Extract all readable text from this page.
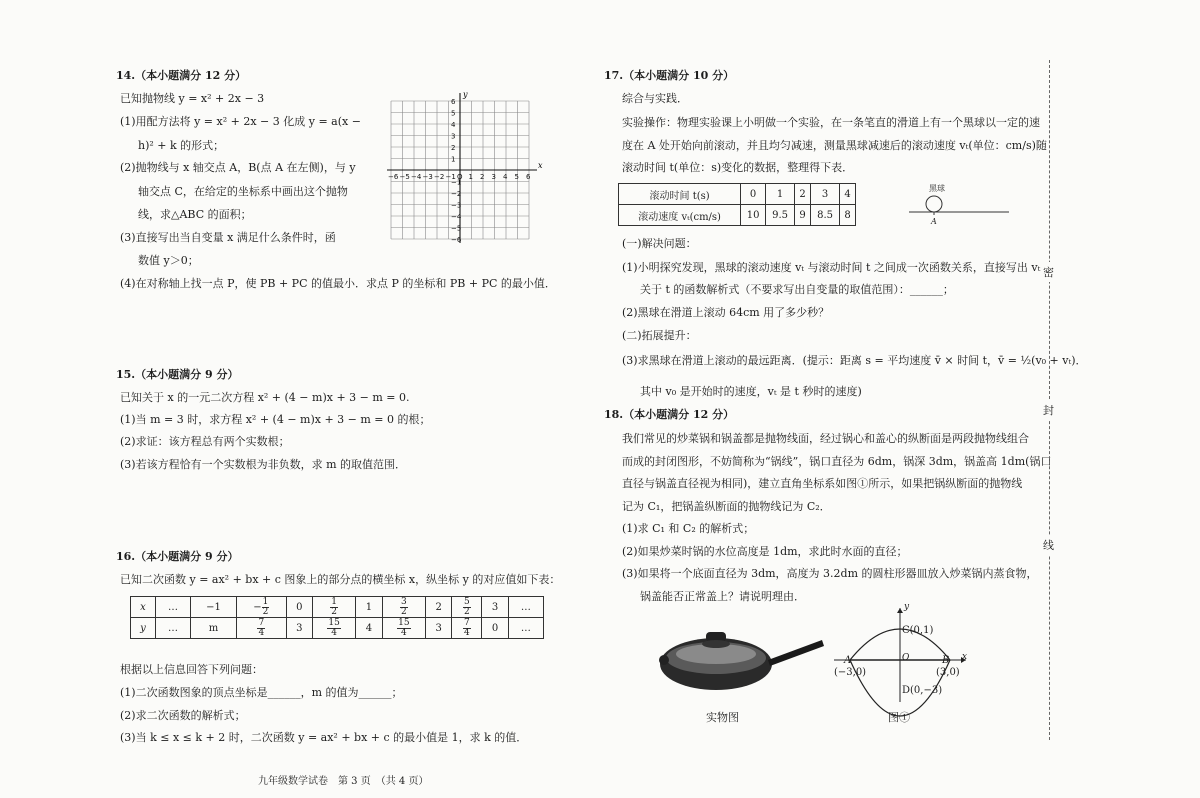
14.（本小题满分 12 分）
已知抛物线 y = x² + 2x − 3
(1)用配方法将 y = x² + 2x − 3 化成 y = a(x −
h)² + k 的形式；
(2)抛物线与 x 轴交点 A，B(点 A 在左侧)，与 y
轴交点 C，在给定的坐标系中画出这个抛物
线，求△ABC 的面积；
(3)直接写出当自变量 x 满足什么条件时，函
数值 y＞0；
(4)在对称轴上找一点 P，使 PB + PC 的值最小．求点 P 的坐标和 PB + PC 的最小值．
−6 −5 −4 −3 −2 −1 O 1 2 3 4 5 6
6
5
4
3
2
1
−1
−2
−3
−4
−5
−6
x
y
15.（本小题满分 9 分）
已知关于 x 的一元二次方程 x² + (4 − m)x + 3 − m = 0.
(1)当 m = 3 时，求方程 x² + (4 − m)x + 3 − m = 0 的根；
(2)求证：该方程总有两个实数根；
(3)若该方程恰有一个实数根为非负数，求 m 的取值范围．
16.（本小题满分 9 分）
已知二次函数 y = ax² + bx + c 图象上的部分点的横坐标 x，纵坐标 y 的对应值如下表：
x	…	−1	− $\frac{1}{2}$	0	$\frac{1}{2}$	1	$\frac{3}{2}$	2	$\frac{5}{2}$	3	…
y	…	m	$\frac{7}{4}$	3	$\frac{15}{4}$	4	$\frac{15}{4}$	3	$\frac{7}{4}$	0	…
根据以上信息回答下列问题：
(1)二次函数图象的顶点坐标是______，m 的值为______；
(2)求二次函数的解析式；
(3)当 k ≤ x ≤ k + 2 时，二次函数 y = ax² + bx + c 的最小值是 1，求 k 的值．
17.（本小题满分 10 分）
综合与实践．
实验操作：物理实验课上小明做一个实验，在一条笔直的滑道上有一个黑球以一定的速
度在 A 处开始向前滚动，并且均匀减速，测量黑球减速后的滚动速度 vₜ(单位：cm/s)随
滚动时间 t(单位：s)变化的数据，整理得下表．
滚动时间 t(s)	0	1	2	3	4
滚动速度 vₜ(cm/s)	10	9.5	9	8.5	8
黑球
A
(一)解决问题：
(1)小明探究发现，黑球的滚动速度 vₜ 与滚动时间 t 之间成一次函数关系，直接写出 vₜ
关于 t 的函数解析式（不要求写出自变量的取值范围）：______；
(2)黑球在滑道上滚动 64cm 用了多少秒？
(二)拓展提升：
(3)求黑球在滑道上滚动的最远距离．(提示：距离 s = 平均速度 v̄ × 时间 t，v̄ = ½(v₀ + vₜ)．
其中 v₀ 是开始时的速度，vₜ 是 t 秒时的速度)
18.（本小题满分 12 分）
我们常见的炒菜锅和锅盖都是抛物线面，经过锅心和盖心的纵断面是两段抛物线组合
而成的封闭图形，不妨简称为“锅线”，锅口直径为 6dm，锅深 3dm，锅盖高 1dm(锅口
直径与锅盖直径视为相同)，建立直角坐标系如图①所示，如果把锅纵断面的抛物线
记为 C₁，把锅盖纵断面的抛物线记为 C₂．
(1)求 C₁ 和 C₂ 的解析式；
(2)如果炒菜时锅的水位高度是 1dm，求此时水面的直径；
(3)如果将一个底面直径为 3dm，高度为 3.2dm 的圆柱形器皿放入炒菜锅内蒸食物，
锅盖能否正常盖上？请说明理由．
实物图
y
x
C(0,1)
O
A
(−3,0)
B
(3,0)
D(0,−3)
图①
密
封
线
九年级数学试卷　第 3 页　（共 4 页）
